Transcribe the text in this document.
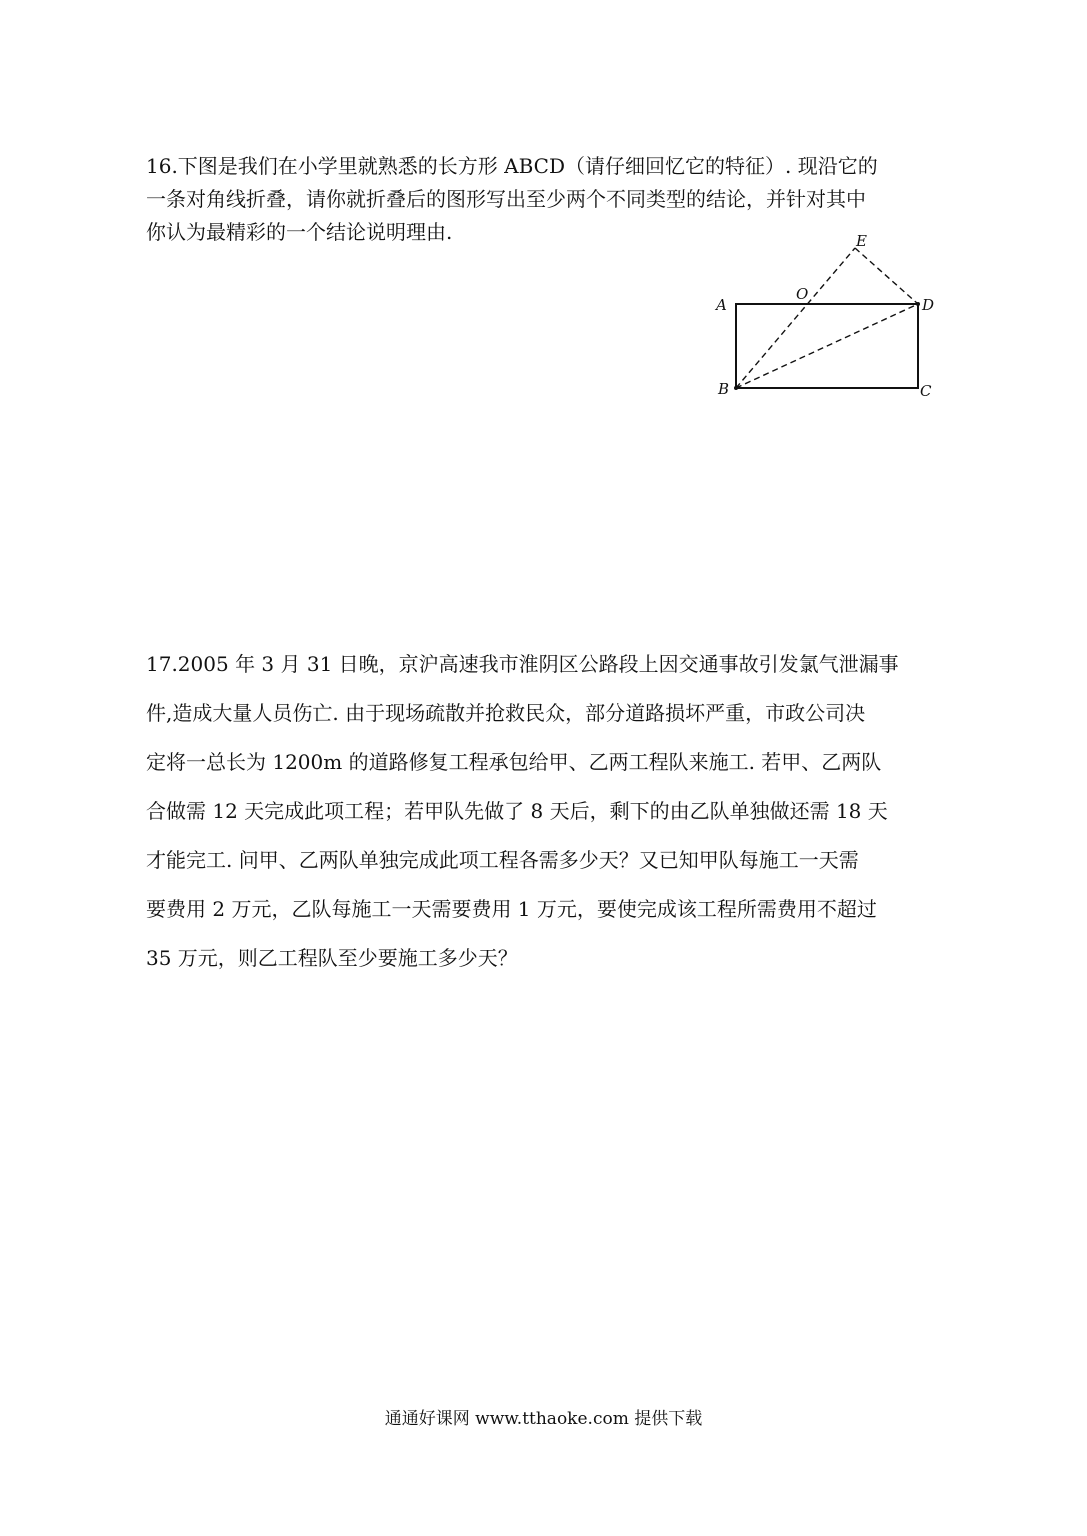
16.下图是我们在小学里就熟悉的长方形 ABCD（请仔细回忆它的特征）. 现沿它的

一条对角线折叠，请你就折叠后的图形写出至少两个不同类型的结论，并针对其中

你认为最精彩的一个结论说明理由.

A
B	C
D
E
O

17.2005 年 3 月 31 日晚，京沪高速我市淮阴区公路段上因交通事故引发氯气泄漏事

件,造成大量人员伤亡. 由于现场疏散并抢救民众，部分道路损坏严重，市政公司决

定将一总长为 1200m 的道路修复工程承包给甲、乙两工程队来施工. 若甲、乙两队

合做需 12 天完成此项工程；若甲队先做了 8 天后，剩下的由乙队单独做还需 18 天

才能完工. 问甲、乙两队单独完成此项工程各需多少天？又已知甲队每施工一天需

要费用 2 万元，乙队每施工一天需要费用 1 万元，要使完成该工程所需费用不超过

35 万元，则乙工程队至少要施工多少天？

通通好课网 www.tthaoke.com 提供下载
